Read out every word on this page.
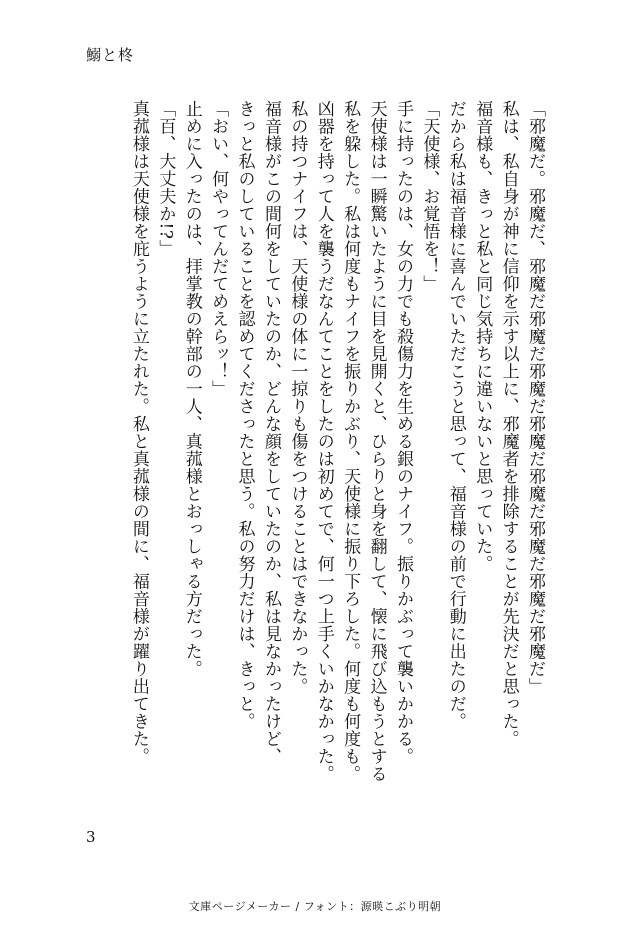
鰯と柊
「邪魔だ。邪魔だ、邪魔だ邪魔だ邪魔だ邪魔だ邪魔だ邪魔だ邪魔だ邪魔だ」
私は、私自身が神に信仰を示す以上に、邪魔者を排除することが先決だと思った。
福音様も、きっと私と同じ気持ちに違いないと思っていた。
だから私は福音様に喜んでいただこうと思って、福音様の前で行動に出たのだ。
「天使様、お覚悟を！」
手に持ったのは、女の力でも殺傷力を生める銀のナイフ。振りかぶって襲いかかる。
天使様は一瞬驚いたように目を見開くと、ひらりと身を翻して、懐に飛び込もうとする
私を躱した。私は何度もナイフを振りかぶり、天使様に振り下ろした。何度も何度も。
凶器を持って人を襲うだなんてことをしたのは初めてで、何一つ上手くいかなかった。
私の持つナイフは、天使様の体に一掠りも傷をつけることはできなかった。
福音様がこの間何をしていたのか、どんな顔をしていたのか、私は見なかったけど、
きっと私のしていることを認めてくださったと思う。私の努力だけは、きっと。
「おい、何やってんだてめえらッ！」
止めに入ったのは、拝掌教の幹部の一人、真菰様とおっしゃる方だった。
「百、大丈夫か!?」
真菰様は天使様を庇うように立たれた。私と真菰様の間に、福音様が躍り出てきた。
3
文庫ページメーカー / フォント：源暎こぶり明朝
